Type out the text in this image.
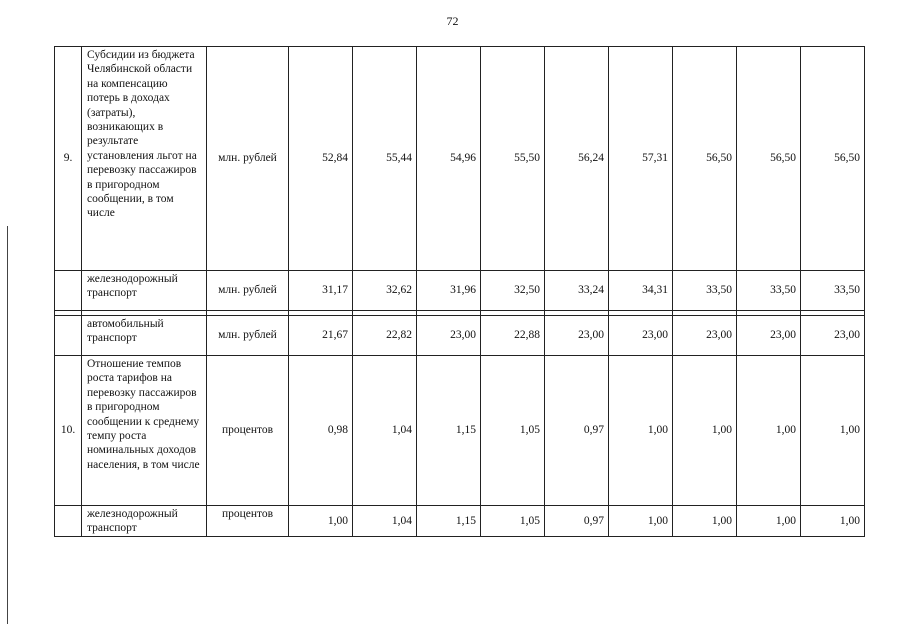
72
9.	Субсидии из бюджета Челябинской области на компенсацию потерь в доходах (затраты), возникающих в результате установления льгот на перевозку пассажиров в пригородном сообщении, в том числе	млн. рублей	52,84	55,44	54,96	55,50	56,24	57,31	56,50	56,50	56,50
	железнодорожный транспорт	млн. рублей	31,17	32,62	31,96	32,50	33,24	34,31	33,50	33,50	33,50

	автомобильный транспорт	млн. рублей	21,67	22,82	23,00	22,88	23,00	23,00	23,00	23,00	23,00
10.	Отношение темпов роста тарифов на перевозку пассажиров в пригородном сообщении к среднему темпу роста номинальных доходов населения, в том числе	процентов	0,98	1,04	1,15	1,05	0,97	1,00	1,00	1,00	1,00
	железнодорожный транспорт	процентов	1,00	1,04	1,15	1,05	0,97	1,00	1,00	1,00	1,00
